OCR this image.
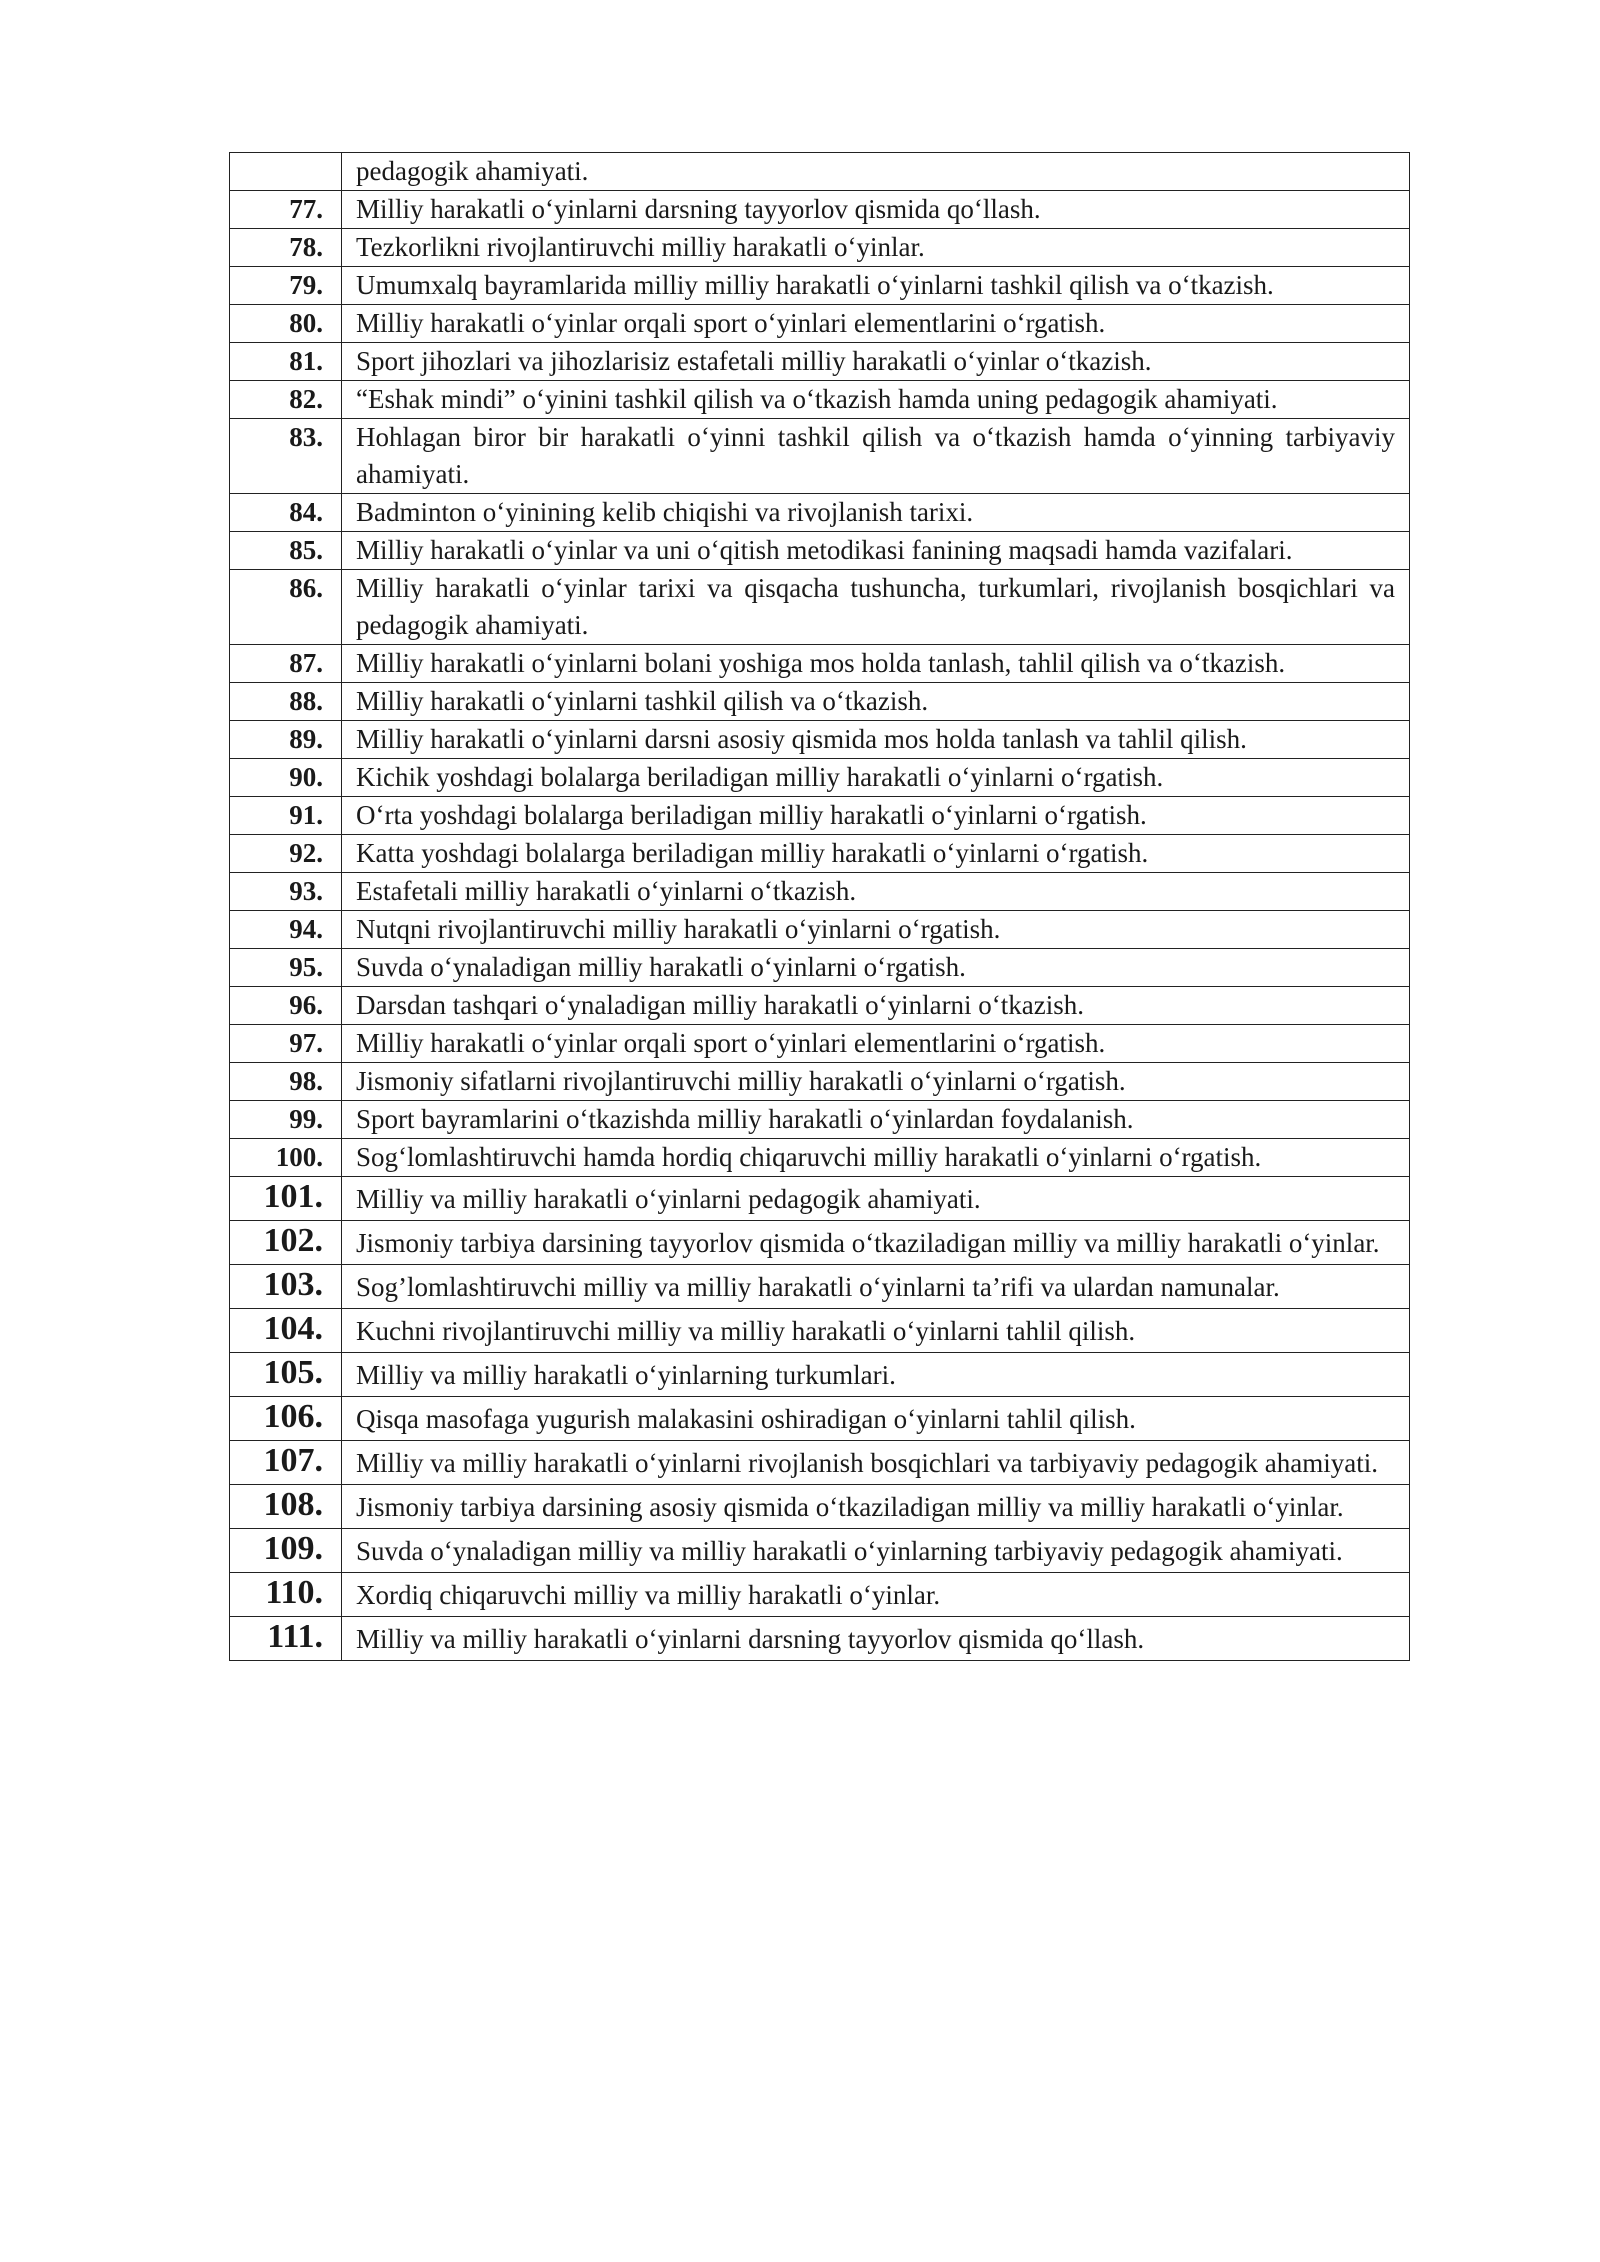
	pedagogik ahamiyati.
77.	Milliy harakatli o‘yinlarni darsning tayyorlov qismida qo‘llash.
78.	Tezkorlikni rivojlantiruvchi milliy harakatli o‘yinlar.
79.	Umumxalq bayramlarida milliy milliy harakatli o‘yinlarni tashkil qilish va o‘tkazish.
80.	Milliy harakatli o‘yinlar orqali sport o‘yinlari elementlarini o‘rgatish.
81.	Sport jihozlari va jihozlarisiz estafetali milliy harakatli o‘yinlar o‘tkazish.
82.	“Eshak mindi” o‘yinini tashkil qilish va o‘tkazish hamda uning pedagogik ahamiyati.
83.	Hohlagan biror bir harakatli o‘yinni tashkil qilish va o‘tkazish hamda o‘yinning tarbiyaviy ahamiyati.
84.	Badminton o‘yinining kelib chiqishi va rivojlanish tarixi.
85.	Milliy harakatli o‘yinlar va uni o‘qitish metodikasi fanining maqsadi hamda vazifalari.
86.	Milliy harakatli o‘yinlar tarixi va qisqacha tushuncha, turkumlari, rivojlanish bosqichlari va pedagogik ahamiyati.
87.	Milliy harakatli o‘yinlarni bolani yoshiga mos holda tanlash, tahlil qilish va o‘tkazish.
88.	Milliy harakatli o‘yinlarni tashkil qilish va o‘tkazish.
89.	Milliy harakatli o‘yinlarni darsni asosiy qismida mos holda tanlash va tahlil qilish.
90.	Kichik yoshdagi bolalarga beriladigan milliy harakatli o‘yinlarni o‘rgatish.
91.	O‘rta yoshdagi bolalarga beriladigan milliy harakatli o‘yinlarni o‘rgatish.
92.	Katta yoshdagi bolalarga beriladigan milliy harakatli o‘yinlarni o‘rgatish.
93.	Estafetali milliy harakatli o‘yinlarni o‘tkazish.
94.	Nutqni rivojlantiruvchi milliy harakatli o‘yinlarni o‘rgatish.
95.	Suvda o‘ynaladigan milliy harakatli o‘yinlarni o‘rgatish.
96.	Darsdan tashqari o‘ynaladigan milliy harakatli o‘yinlarni o‘tkazish.
97.	Milliy harakatli o‘yinlar orqali sport o‘yinlari elementlarini o‘rgatish.
98.	Jismoniy sifatlarni rivojlantiruvchi milliy harakatli o‘yinlarni o‘rgatish.
99.	Sport bayramlarini o‘tkazishda milliy harakatli o‘yinlardan foydalanish.
100.	Sog‘lomlashtiruvchi hamda hordiq chiqaruvchi milliy harakatli o‘yinlarni o‘rgatish.
101.	Milliy va milliy harakatli o‘yinlarni pedagogik ahamiyati.
102.	Jismoniy tarbiya darsining tayyorlov qismida o‘tkaziladigan milliy va milliy harakatli o‘yinlar.
103.	Sog’lomlashtiruvchi milliy va milliy harakatli o‘yinlarni ta’rifi va ulardan namunalar.
104.	Kuchni rivojlantiruvchi milliy va milliy harakatli o‘yinlarni tahlil qilish.
105.	Milliy va milliy harakatli o‘yinlarning turkumlari.
106.	Qisqa masofaga yugurish malakasini oshiradigan o‘yinlarni tahlil qilish.
107.	Milliy va milliy harakatli o‘yinlarni rivojlanish bosqichlari va tarbiyaviy pedagogik ahamiyati.
108.	Jismoniy tarbiya darsining asosiy qismida o‘tkaziladigan milliy va milliy harakatli o‘yinlar.
109.	Suvda o‘ynaladigan milliy va milliy harakatli o‘yinlarning tarbiyaviy pedagogik ahamiyati.
110.	Xordiq chiqaruvchi milliy va milliy harakatli o‘yinlar.
111.	Milliy va milliy harakatli o‘yinlarni darsning tayyorlov qismida qo‘llash.
